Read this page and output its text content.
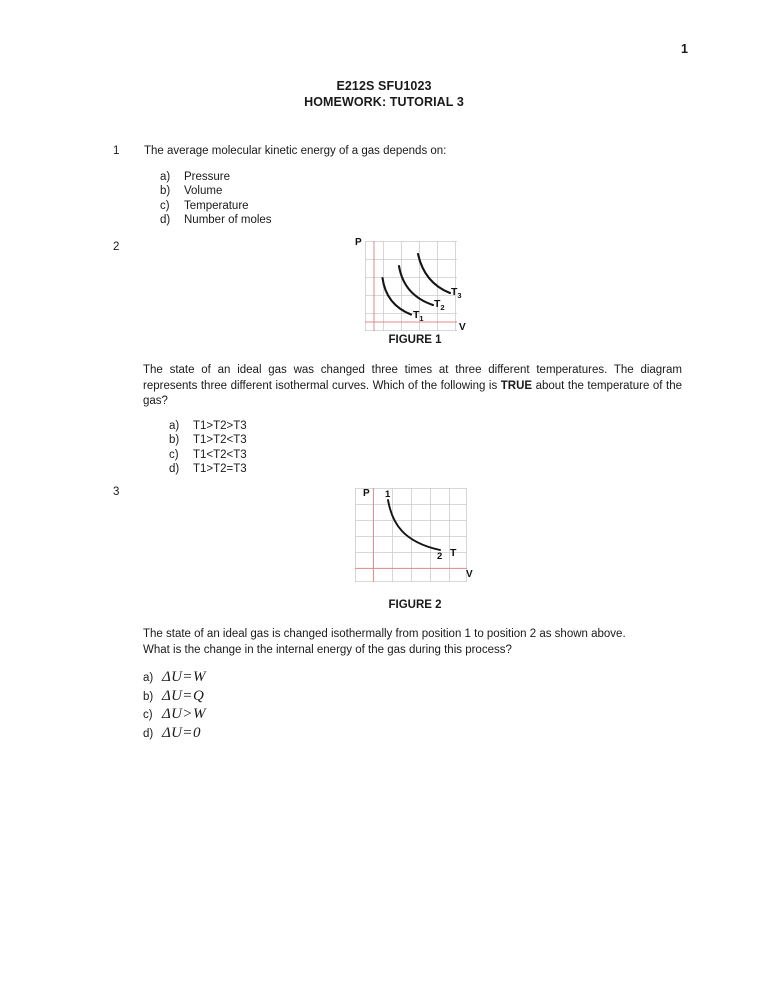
1
E212S SFU1023
HOMEWORK: TUTORIAL 3
1 The average molecular kinetic energy of a gas depends on:
a)	Pressure
b)	Volume
c)	Temperature
d)	Number of moles
2	P
V
$T_3$
$T_2$
$T_1$
FIGURE 1
The state of an ideal gas was changed three times at three different temperatures. The diagram represents three different isothermal curves. Which of the following is TRUE about the temperature of the gas?
a)	T1>T2>T3
b)	T1>T2<T3
c)	T1<T2<T3
d)	T1>T2=T3
3	P
V
T
1
2
FIGURE 2
The state of an ideal gas is changed isothermally from position 1 to position 2 as shown above. What is the change in the internal energy of the gas during this process?
a) ΔU=W
b) ΔU=Q
c) ΔU>W
d) ΔU=0
